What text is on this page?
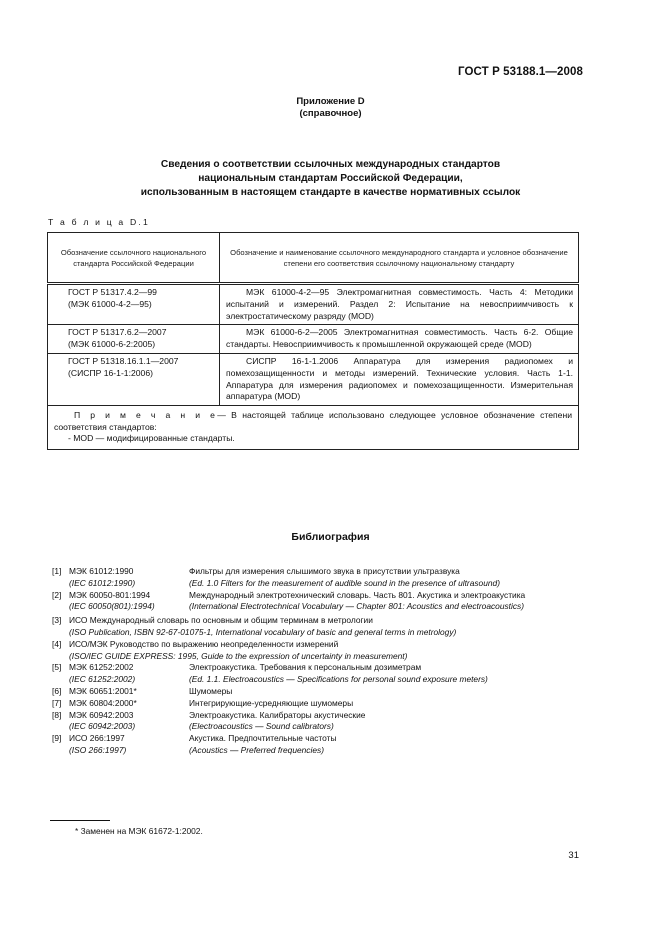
ГОСТ Р 53188.1—2008
Приложение D
(справочное)
Сведения о соответствии ссылочных международных стандартов
национальным стандартам Российской Федерации,
использованным в настоящем стандарте в качестве нормативных ссылок
Т а б л и ц а D.1
Обозначение ссылочного национального стандарта Российской Федерации	Обозначение и наименование ссылочного международного стандарта и условное обозначение степени его соответствия ссылочному национальному стандарту

ГОСТ Р 51317.4.2—99
(МЭК 61000-4-2—95)	МЭК 61000-4-2—95 Электромагнитная совместимость. Часть 4: Методики испытаний и измерений. Раздел 2: Испытание на невосприимчивость к электростатическому разряду (MOD)

ГОСТ Р 51317.6.2—2007
(МЭК 61000-6-2:2005)	МЭК 61000-6-2—2005 Электромагнитная совместимость. Часть 6-2. Общие стандарты. Невосприимчивость к промышленной окружающей среде (MOD)

ГОСТ Р 51318.16.1.1—2007
(СИСПР 16-1-1:2006)	СИСПР 16-1-1.2006 Аппаратура для измерения радиопомех и помехозащищенности и методы измерений. Технические условия. Часть 1-1. Аппаратура для измерения радиопомех и помехозащищенности. Измерительная аппаратура (MOD)

П р и м е ч а н и е— В настоящей таблице использовано следующее условное обозначение степени соответствия стандартов:
- MOD — модифицированные стандарты.	
Библиография
[1] МЭК 61012:1990	Фильтры для измерения слышимого звука в присутствии ультразвука
(IEC 61012:1990)	(Ed. 1.0 Filters for the measurement of audible sound in the presence of ultrasound)
[2] МЭК 60050-801:1994	Международный электротехнический словарь. Часть 801. Акустика и электроакустика
(IEC 60050(801):1994)	(International Electrotechnical Vocabulary — Chapter 801: Acoustics and electroacoustics)
[3] ИСО Международный словарь по основным и общим терминам в метрологии
(ISO Publication, ISBN 92-67-01075-1, International vocabulary of basic and general terms in metrology)
[4] ИСО/МЭК Руководство по выражению неопределенности измерений
(ISO/IEC GUIDE EXPRESS: 1995, Guide to the expression of uncertainty in measurement)
[5] МЭК 61252:2002	Электроакустика. Требования к персональным дозиметрам
(IEC 61252:2002)	(Ed. 1.1. Electroacoustics — Specifications for personal sound exposure meters)
[6] МЭК 60651:2001*	Шумомеры
[7] МЭК 60804:2000*	Интегрирующие-усредняющие шумомеры
[8] МЭК 60942:2003	Электроакустика. Калибраторы акустические
(IEC 60942:2003)	(Electroacoustics — Sound calibrators)
[9] ИСО 266:1997	Акустика. Предпочтительные частоты
(ISO 266:1997)	(Acoustics — Preferred frequencies)
* Заменен на МЭК 61672-1:2002.
31
